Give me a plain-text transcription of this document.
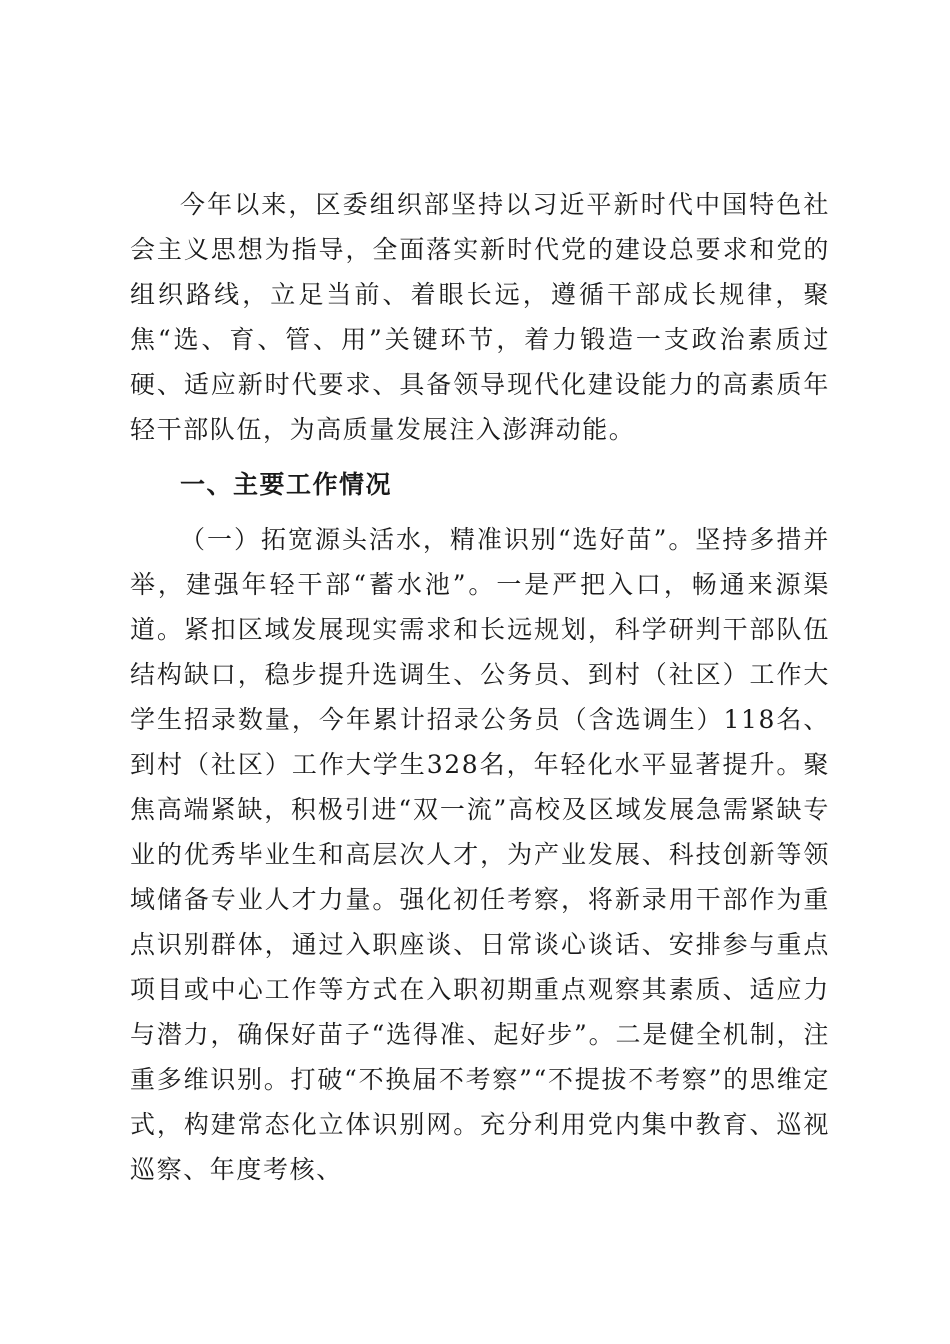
今年以来，区委组织部坚持以习近平新时代中国特色社会主义思想为指导，全面落实新时代党的建设总要求和党的组织路线，立足当前、着眼长远，遵循干部成长规律，聚焦“选、育、管、用”关键环节，着力锻造一支政治素质过硬、适应新时代要求、具备领导现代化建设能力的高素质年轻干部队伍，为高质量发展注入澎湃动能。

一、主要工作情况

（一）拓宽源头活水，精准识别“选好苗”。坚持多措并举，建强年轻干部“蓄水池”。一是严把入口，畅通来源渠道。紧扣区域发展现实需求和长远规划，科学研判干部队伍结构缺口，稳步提升选调生、公务员、到村（社区）工作大学生招录数量，今年累计招录公务员（含选调生）118名、到村（社区）工作大学生328名，年轻化水平显著提升。聚焦高端紧缺，积极引进“双一流”高校及区域发展急需紧缺专业的优秀毕业生和高层次人才，为产业发展、科技创新等领域储备专业人才力量。强化初任考察，将新录用干部作为重点识别群体，通过入职座谈、日常谈心谈话、安排参与重点项目或中心工作等方式在入职初期重点观察其素质、适应力与潜力，确保好苗子“选得准、起好步”。二是健全机制，注重多维识别。打破“不换届不考察”“不提拔不考察”的思维定式，构建常态化立体识别网。充分利用党内集中教育、巡视巡察、年度考核、
